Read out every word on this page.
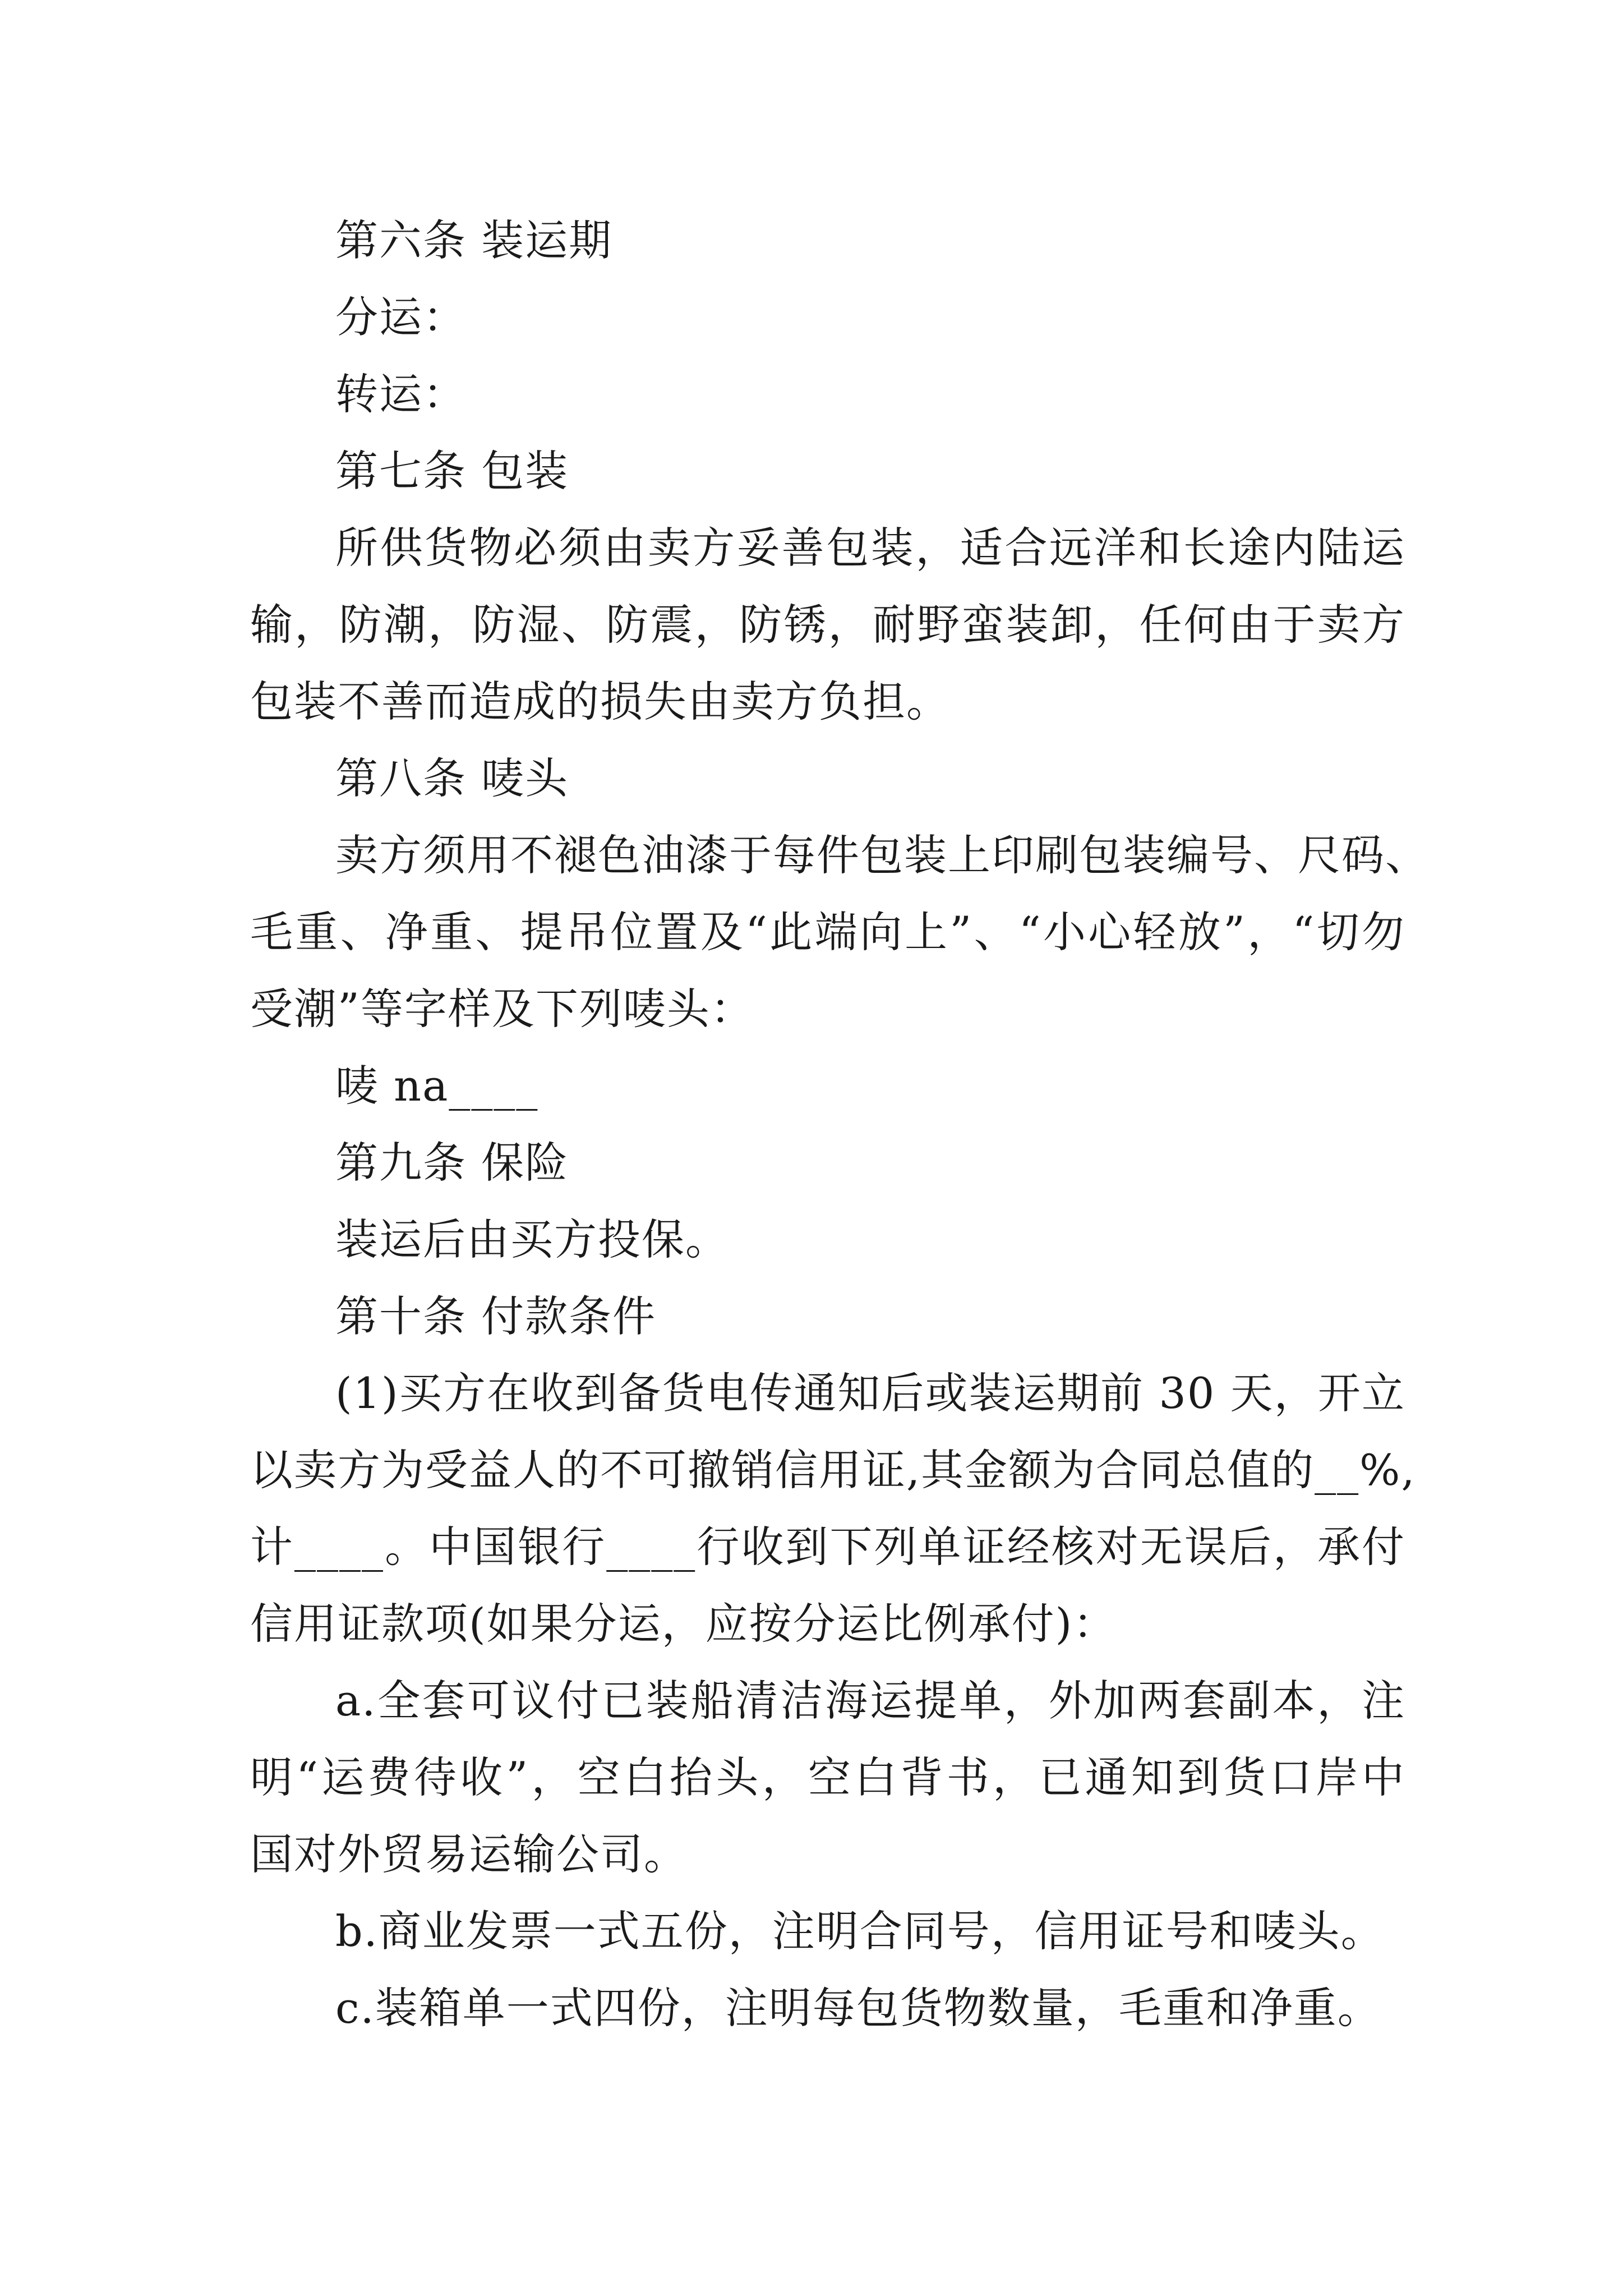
第六条 装运期
分运：
转运：
第七条 包装
所供货物必须由卖方妥善包装，适合远洋和长途内陆运
输，防潮，防湿、防震，防锈，耐野蛮装卸，任何由于卖方
包装不善而造成的损失由卖方负担。
第八条 唛头
卖方须用不褪色油漆于每件包装上印刷包装编号、尺码、
毛重、净重、提吊位置及“此端向上”、“小心轻放”，“切勿
受潮”等字样及下列唛头：
唛 na____
第九条 保险
装运后由买方投保。
第十条 付款条件
(1)买方在收到备货电传通知后或装运期前 30 天，开立
以卖方为受益人的不可撤销信用证,其金额为合同总值的__%,
计____。中国银行____行收到下列单证经核对无误后，承付
信用证款项(如果分运，应按分运比例承付)：
a.全套可议付已装船清洁海运提单，外加两套副本，注
明“运费待收”，空白抬头，空白背书，已通知到货口岸中
国对外贸易运输公司。
b.商业发票一式五份，注明合同号，信用证号和唛头。
c.装箱单一式四份，注明每包货物数量，毛重和净重。
